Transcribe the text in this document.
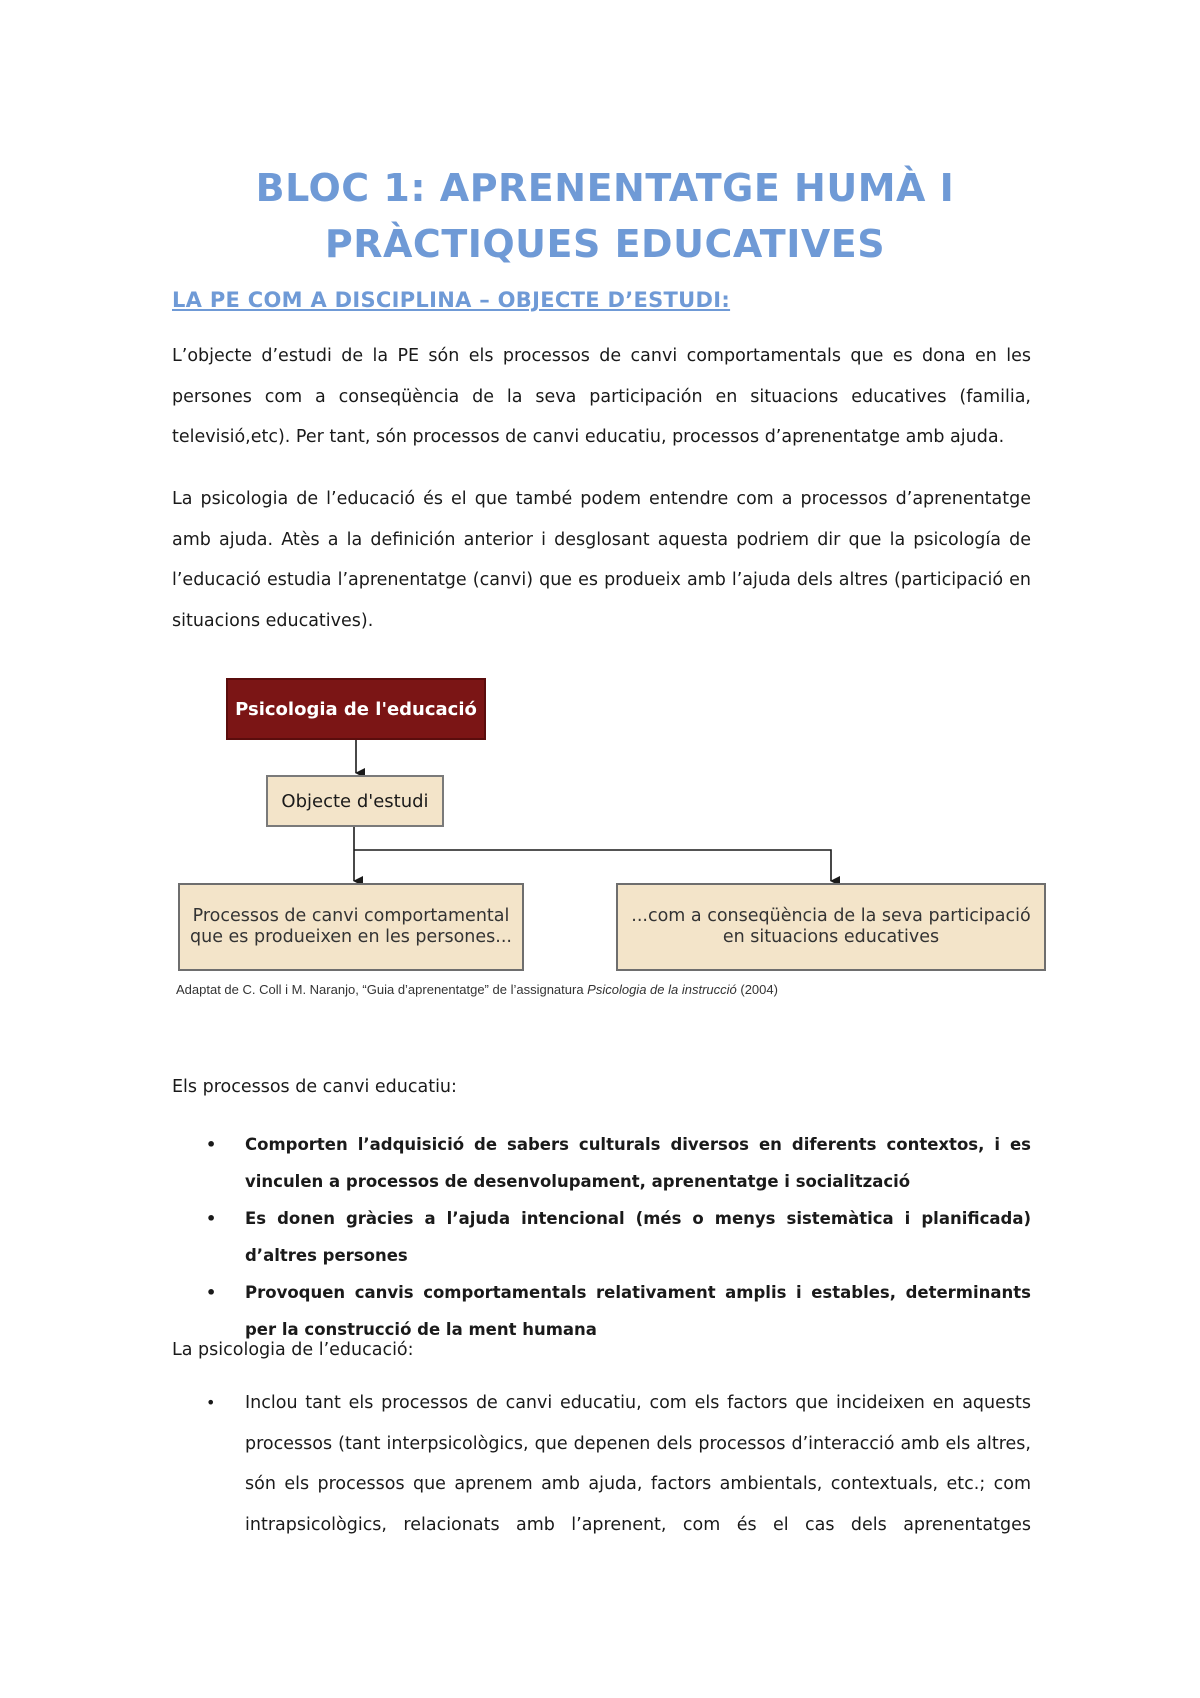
BLOC 1: APRENENTATGE HUMÀ I
PRÀCTIQUES EDUCATIVES
LA PE COM A DISCIPLINA – OBJECTE D’ESTUDI:

L’objecte d’estudi de la PE són els processos de canvi comportamentals que es dona en les persones com a conseqüència de la seva participación en situacions educatives (familia, televisió,etc). Per tant, són processos de canvi educatiu, processos d’aprenentatge amb ajuda.

La psicologia de l’educació és el que també podem entendre com a processos d’aprenentatge amb ajuda. Atès a la definición anterior i desglosant aquesta podriem dir que la psicología de l’educació estudia l’aprenentatge (canvi) que es produeix amb l’ajuda dels altres (participació en situacions educatives).

Psicologia de l'educació
Objecte d'estudi
Processos de canvi comportamental
que es produeixen en les persones...
...com a conseqüència de la seva participació
en situacions educatives
Adaptat de C. Coll i M. Naranjo, “Guia d’aprenentatge” de l’assignatura Psicologia de la instrucció (2004)

Els processos de canvi educatiu:

• Comporten l’adquisició de sabers culturals diversos en diferents contextos, i es vinculen a processos de desenvolupament, aprenentatge i socialització
• Es donen gràcies a l’ajuda intencional (més o menys sistemàtica i planificada) d’altres persones
• Provoquen canvis comportamentals relativament amplis i estables, determinants per la construcció de la ment humana

La psicologia de l’educació:

• Inclou tant els processos de canvi educatiu, com els factors que incideixen en aquests processos (tant interpsicològics, que depenen dels processos d’interacció amb els altres, són els processos que aprenem amb ajuda, factors ambientals, contextuals, etc.; com intrapsicològics, relacionats amb l’aprenent, com és el cas dels aprenentatges
